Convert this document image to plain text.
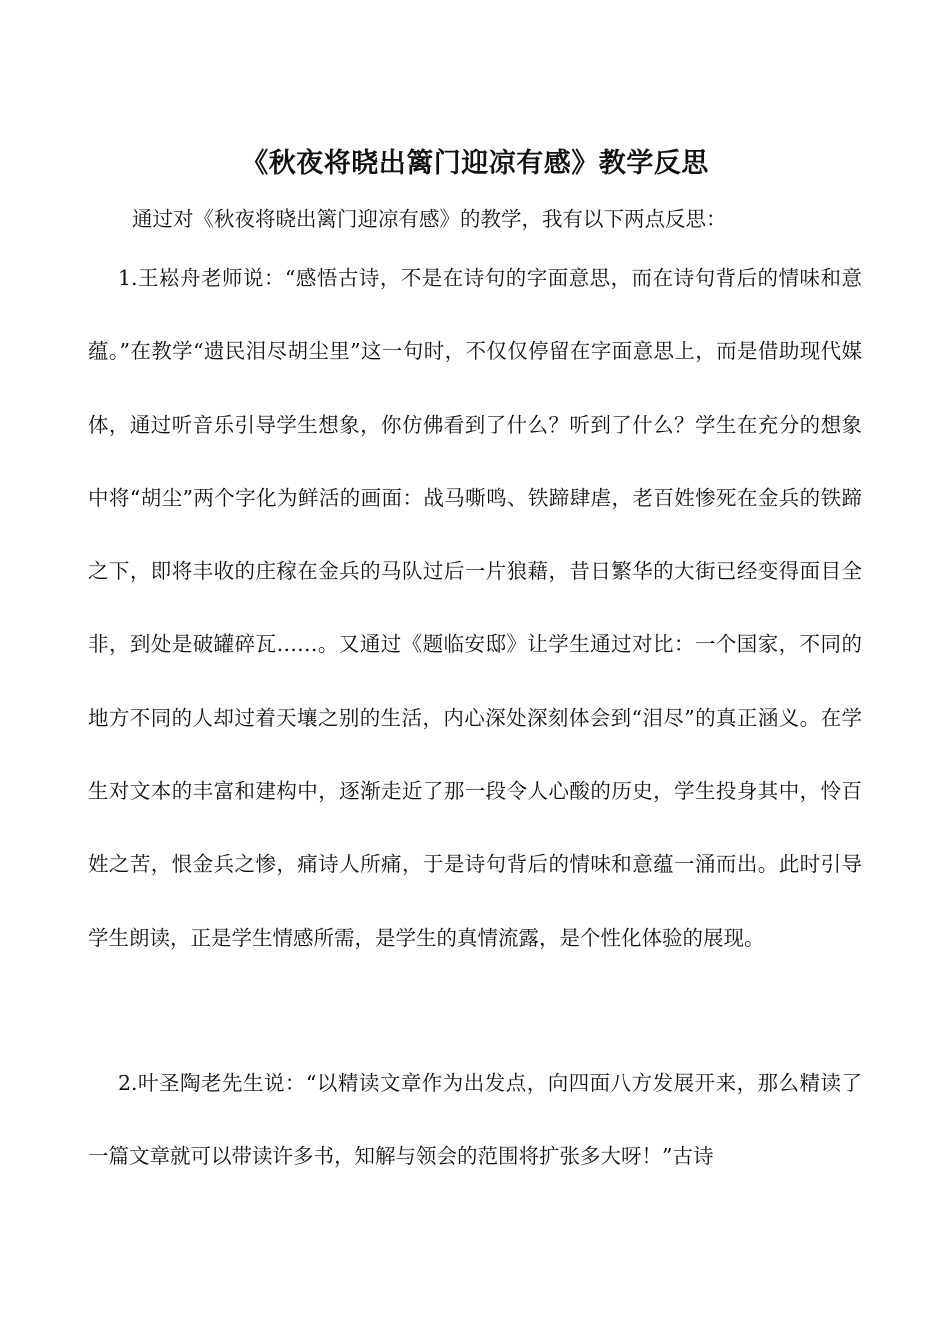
《秋夜将晓出篱门迎凉有感》教学反思

通过对《秋夜将晓出篱门迎凉有感》的教学，我有以下两点反思：

1.王崧舟老师说：“感悟古诗，不是在诗句的字面意思，而在诗句背后的情味和意蕴。”在教学“遗民泪尽胡尘里”这一句时，不仅仅停留在字面意思上，而是借助现代媒体，通过听音乐引导学生想象，你仿佛看到了什么？听到了什么？学生在充分的想象中将“胡尘”两个字化为鲜活的画面：战马嘶鸣、铁蹄肆虐，老百姓惨死在金兵的铁蹄之下，即将丰收的庄稼在金兵的马队过后一片狼藉，昔日繁华的大街已经变得面目全非，到处是破罐碎瓦……。又通过《题临安邸》让学生通过对比：一个国家，不同的地方不同的人却过着天壤之别的生活，内心深处深刻体会到“泪尽”的真正涵义。在学生对文本的丰富和建构中，逐渐走近了那一段令人心酸的历史，学生投身其中，怜百姓之苦，恨金兵之惨，痛诗人所痛，于是诗句背后的情味和意蕴一涌而出。此时引导学生朗读，正是学生情感所需，是学生的真情流露，是个性化体验的展现。

2.叶圣陶老先生说：“以精读文章作为出发点，向四面八方发展开来，那么精读了一篇文章就可以带读许多书，知解与领会的范围将扩张多大呀！”古诗
